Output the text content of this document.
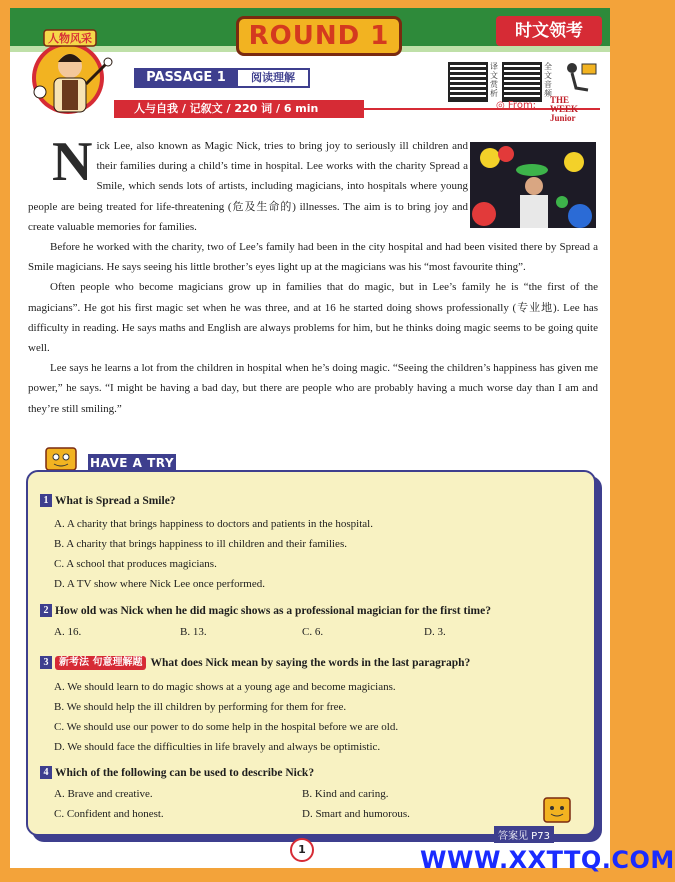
人物风采	ROUND 1	时文领考
PASSAGE 1	阅读理解
译文赏析
全文音频
人与自我 / 记叙文 / 220 词 / 6 min	◎ From: THE WEEK Junior

N ick Lee, also known as Magic Nick, tries to bring joy to seriously ill children and their families during a child’s time in hospital. Lee works with the charity Spread a Smile, which sends lots of artists, including magicians, into hospitals where young people are being treated for life-threatening (危及生命的) illnesses. The aim is to bring joy and create valuable memories for families.

Before he worked with the charity, two of Lee’s family had been in the city hospital and had been visited there by Spread a Smile magicians. He says seeing his little brother’s eyes light up at the magicians was his “most favourite thing”.

Often people who become magicians grow up in families that do magic, but in Lee’s family he is “the first of the magicians”. He got his first magic set when he was three, and at 16 he started doing shows professionally (专业地). Lee has difficulty in reading. He says maths and English are always problems for him, but he thinks doing magic seems to be going quite well.

Lee says he learns a lot from the children in hospital when he’s doing magic. “Seeing the children’s happiness has given me power,” he says. “I might be having a bad day, but there are people who are probably having a much worse day than I am and they’re still smiling.”

HAVE A TRY
1 What is Spread a Smile?
A. A charity that brings happiness to doctors and patients in the hospital.
B. A charity that brings happiness to ill children and their families.
C. A school that produces magicians.
D. A TV show where Nick Lee once performed.
2 How old was Nick when he did magic shows as a professional magician for the first time?
A. 16.	B. 13.	C. 6.	D. 3.
3 新考法 句意理解题 What does Nick mean by saying the words in the last paragraph?
A. We should learn to do magic shows at a young age and become magicians.
B. We should help the ill children by performing for them for free.
C. We should use our power to do some help in the hospital before we are old.
D. We should face the difficulties in life bravely and always be optimistic.
4 Which of the following can be used to describe Nick?
A. Brave and creative.	B. Kind and caring.
C. Confident and honest.	D. Smart and humorous.
答案见 P73
1	WWW.XXTTQ.COM
